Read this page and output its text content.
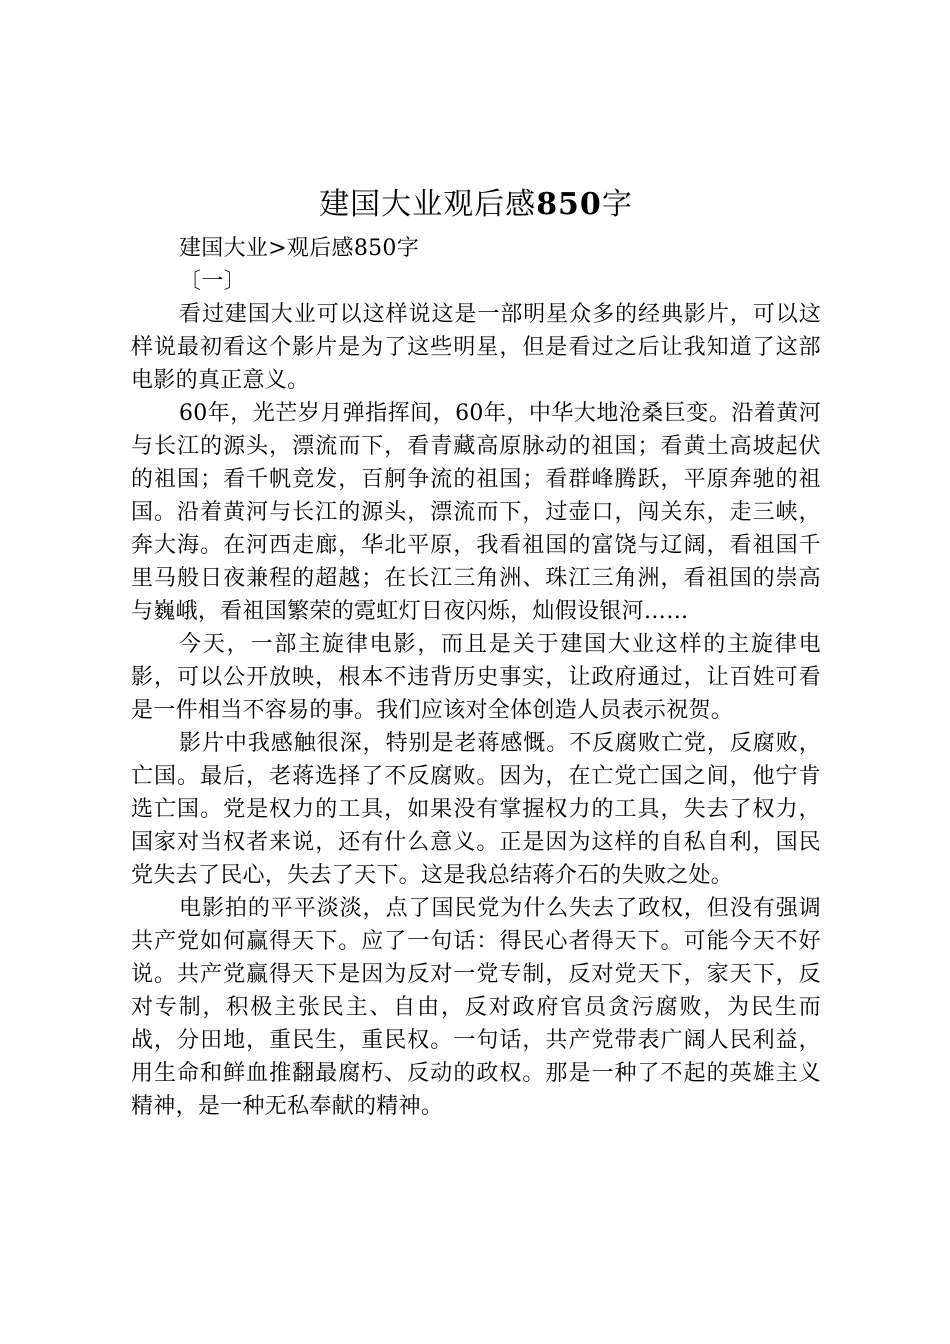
建国大业观后感850字

建国大业>观后感850字

〔一〕

看过建国大业可以这样说这是一部明星众多的经典影片，可以这样说最初看这个影片是为了这些明星，但是看过之后让我知道了这部电影的真正意义。

60年，光芒岁月弹指挥间，60年，中华大地沧桑巨变。沿着黄河与长江的源头，漂流而下，看青藏高原脉动的祖国；看黄土高坡起伏的祖国；看千帆竞发，百舸争流的祖国；看群峰腾跃，平原奔驰的祖国。沿着黄河与长江的源头，漂流而下，过壶口，闯关东，走三峡，奔大海。在河西走廊，华北平原，我看祖国的富饶与辽阔，看祖国千里马般日夜兼程的超越；在长江三角洲、珠江三角洲，看祖国的崇高与巍峨，看祖国繁荣的霓虹灯日夜闪烁，灿假设银河……

今天，一部主旋律电影，而且是关于建国大业这样的主旋律电影，可以公开放映，根本不违背历史事实，让政府通过，让百姓可看是一件相当不容易的事。我们应该对全体创造人员表示祝贺。

影片中我感触很深，特别是老蒋感慨。不反腐败亡党，反腐败，亡国。最后，老蒋选择了不反腐败。因为，在亡党亡国之间，他宁肯选亡国。党是权力的工具，如果没有掌握权力的工具，失去了权力，国家对当权者来说，还有什么意义。正是因为这样的自私自利，国民党失去了民心，失去了天下。这是我总结蒋介石的失败之处。

电影拍的平平淡淡，点了国民党为什么失去了政权，但没有强调共产党如何赢得天下。应了一句话：得民心者得天下。可能今天不好说。共产党赢得天下是因为反对一党专制，反对党天下，家天下，反对专制，积极主张民主、自由，反对政府官员贪污腐败，为民生而战，分田地，重民生，重民权。一句话，共产党带表广阔人民利益，用生命和鲜血推翻最腐朽、反动的政权。那是一种了不起的英雄主义精神，是一种无私奉献的精神。
